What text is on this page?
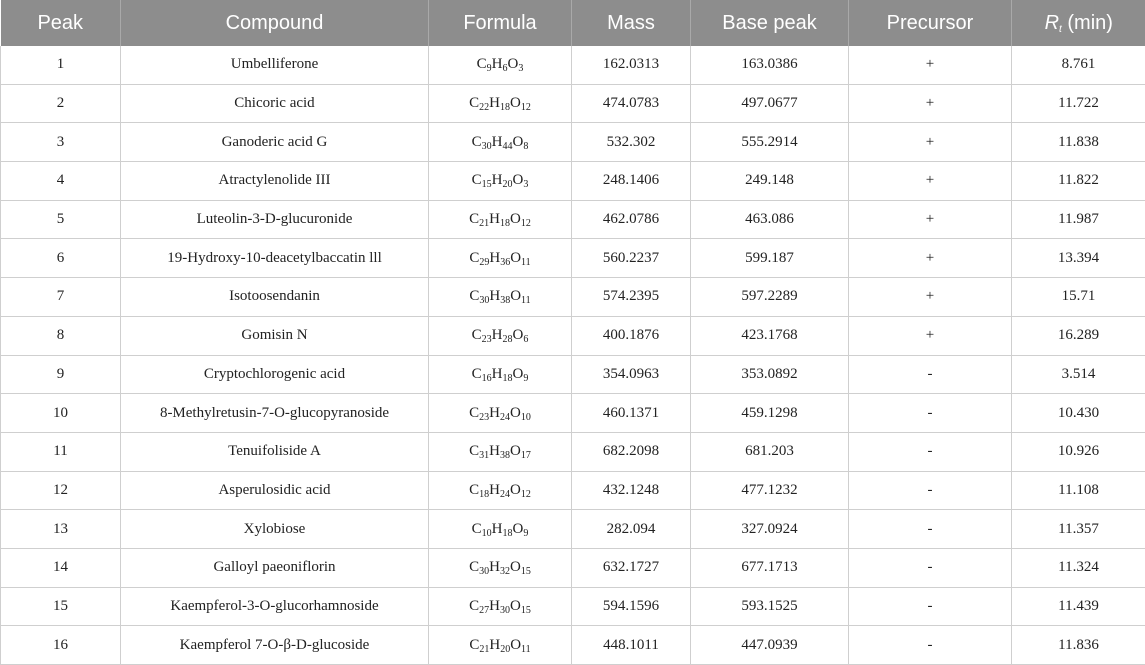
Peak	Compound	Formula	Mass	Base peak	Precursor	$R_t$ (min)
1	Umbelliferone	$C_9H_6O_3$	162.0313	163.0386	+	8.761
2	Chicoric acid	$C_{22}H_{18}O_{12}$	474.0783	497.0677	+	11.722
3	Ganoderic acid G	$C_{30}H_{44}O_8$	532.302	555.2914	+	11.838
4	Atractylenolide III	$C_{15}H_{20}O_3$	248.1406	249.148	+	11.822
5	Luteolin-3-D-glucuronide	$C_{21}H_{18}O_{12}$	462.0786	463.086	+	11.987
6	19-Hydroxy-10-deacetylbaccatin lll	$C_{29}H_{36}O_{11}$	560.2237	599.187	+	13.394
7	Isotoosendanin	$C_{30}H_{38}O_{11}$	574.2395	597.2289	+	15.71
8	Gomisin N	$C_{23}H_{28}O_6$	400.1876	423.1768	+	16.289
9	Cryptochlorogenic acid	$C_{16}H_{18}O_9$	354.0963	353.0892	-	3.514
10	8-Methylretusin-7-O-glucopyranoside	$C_{23}H_{24}O_{10}$	460.1371	459.1298	-	10.430
11	Tenuifoliside A	$C_{31}H_{38}O_{17}$	682.2098	681.203	-	10.926
12	Asperulosidic acid	$C_{18}H_{24}O_{12}$	432.1248	477.1232	-	11.108
13	Xylobiose	$C_{10}H_{18}O_9$	282.094	327.0924	-	11.357
14	Galloyl paeoniflorin	$C_{30}H_{32}O_{15}$	632.1727	677.1713	-	11.324
15	Kaempferol-3-O-glucorhamnoside	$C_{27}H_{30}O_{15}$	594.1596	593.1525	-	11.439
16	Kaempferol 7-O-β-D-glucoside	$C_{21}H_{20}O_{11}$	448.1011	447.0939	-	11.836
